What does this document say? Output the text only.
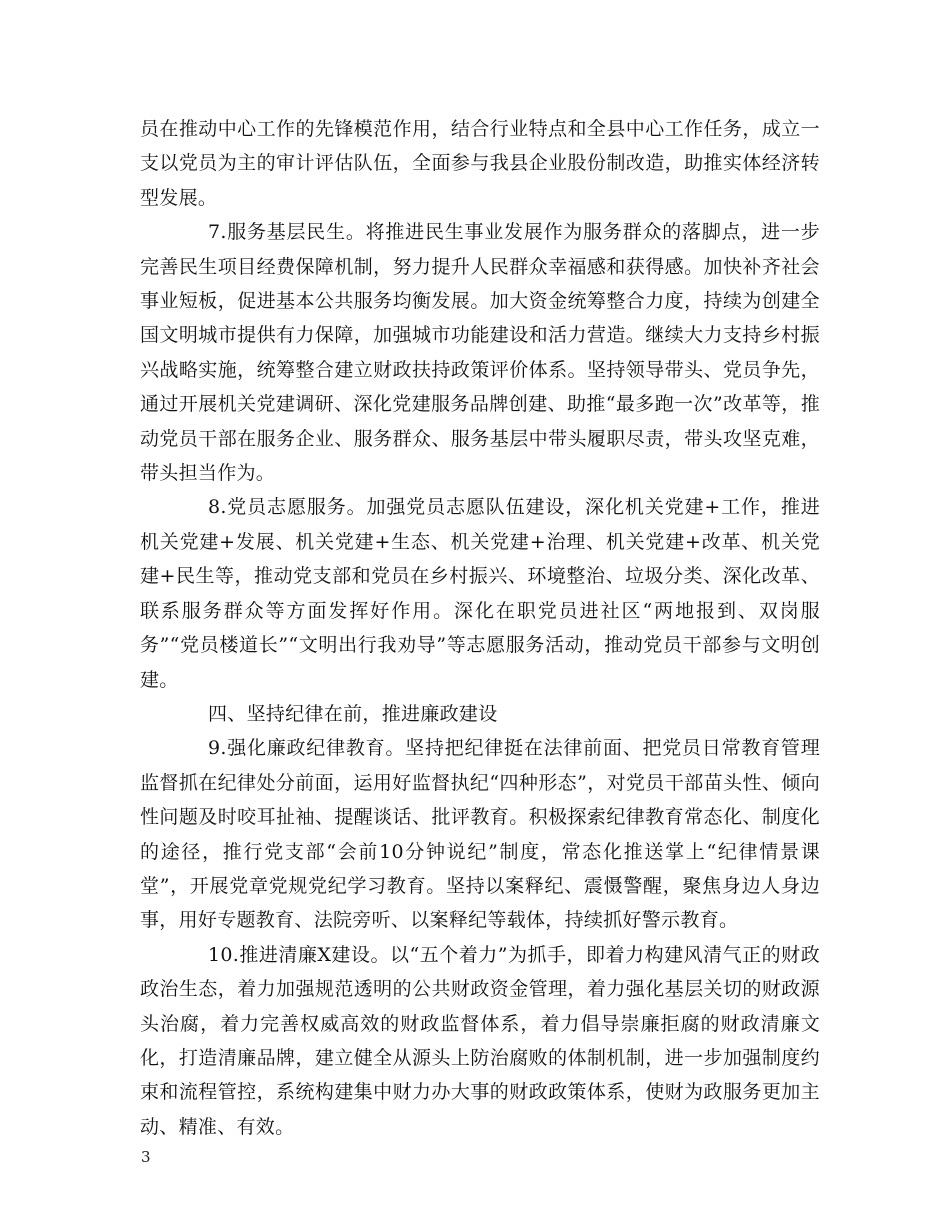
员在推动中心工作的先锋模范作用，结合行业特点和全县中心工作任务，成立一支以党员为主的审计评估队伍，全面参与我县企业股份制改造，助推实体经济转型发展。

7.服务基层民生。将推进民生事业发展作为服务群众的落脚点，进一步完善民生项目经费保障机制，努力提升人民群众幸福感和获得感。加快补齐社会事业短板，促进基本公共服务均衡发展。加大资金统筹整合力度，持续为创建全国文明城市提供有力保障，加强城市功能建设和活力营造。继续大力支持乡村振兴战略实施，统筹整合建立财政扶持政策评价体系。坚持领导带头、党员争先，通过开展机关党建调研、深化党建服务品牌创建、助推“最多跑一次”改革等，推动党员干部在服务企业、服务群众、服务基层中带头履职尽责，带头攻坚克难，带头担当作为。

8.党员志愿服务。加强党员志愿队伍建设，深化机关党建+工作，推进机关党建+发展、机关党建+生态、机关党建+治理、机关党建+改革、机关党建+民生等，推动党支部和党员在乡村振兴、环境整治、垃圾分类、深化改革、联系服务群众等方面发挥好作用。深化在职党员进社区“两地报到、双岗服务”“党员楼道长”“文明出行我劝导”等志愿服务活动，推动党员干部参与文明创建。

四、坚持纪律在前，推进廉政建设

9.强化廉政纪律教育。坚持把纪律挺在法律前面、把党员日常教育管理监督抓在纪律处分前面，运用好监督执纪“四种形态”，对党员干部苗头性、倾向性问题及时咬耳扯袖、提醒谈话、批评教育。积极探索纪律教育常态化、制度化的途径，推行党支部“会前10分钟说纪”制度，常态化推送掌上“纪律情景课堂”，开展党章党规党纪学习教育。坚持以案释纪、震慑警醒，聚焦身边人身边事，用好专题教育、法院旁听、以案释纪等载体，持续抓好警示教育。

10.推进清廉X建设。以“五个着力”为抓手，即着力构建风清气正的财政政治生态，着力加强规范透明的公共财政资金管理，着力强化基层关切的财政源头治腐，着力完善权威高效的财政监督体系，着力倡导崇廉拒腐的财政清廉文化，打造清廉品牌，建立健全从源头上防治腐败的体制机制，进一步加强制度约束和流程管控，系统构建集中财力办大事的财政政策体系，使财为政服务更加主动、精准、有效。

3
